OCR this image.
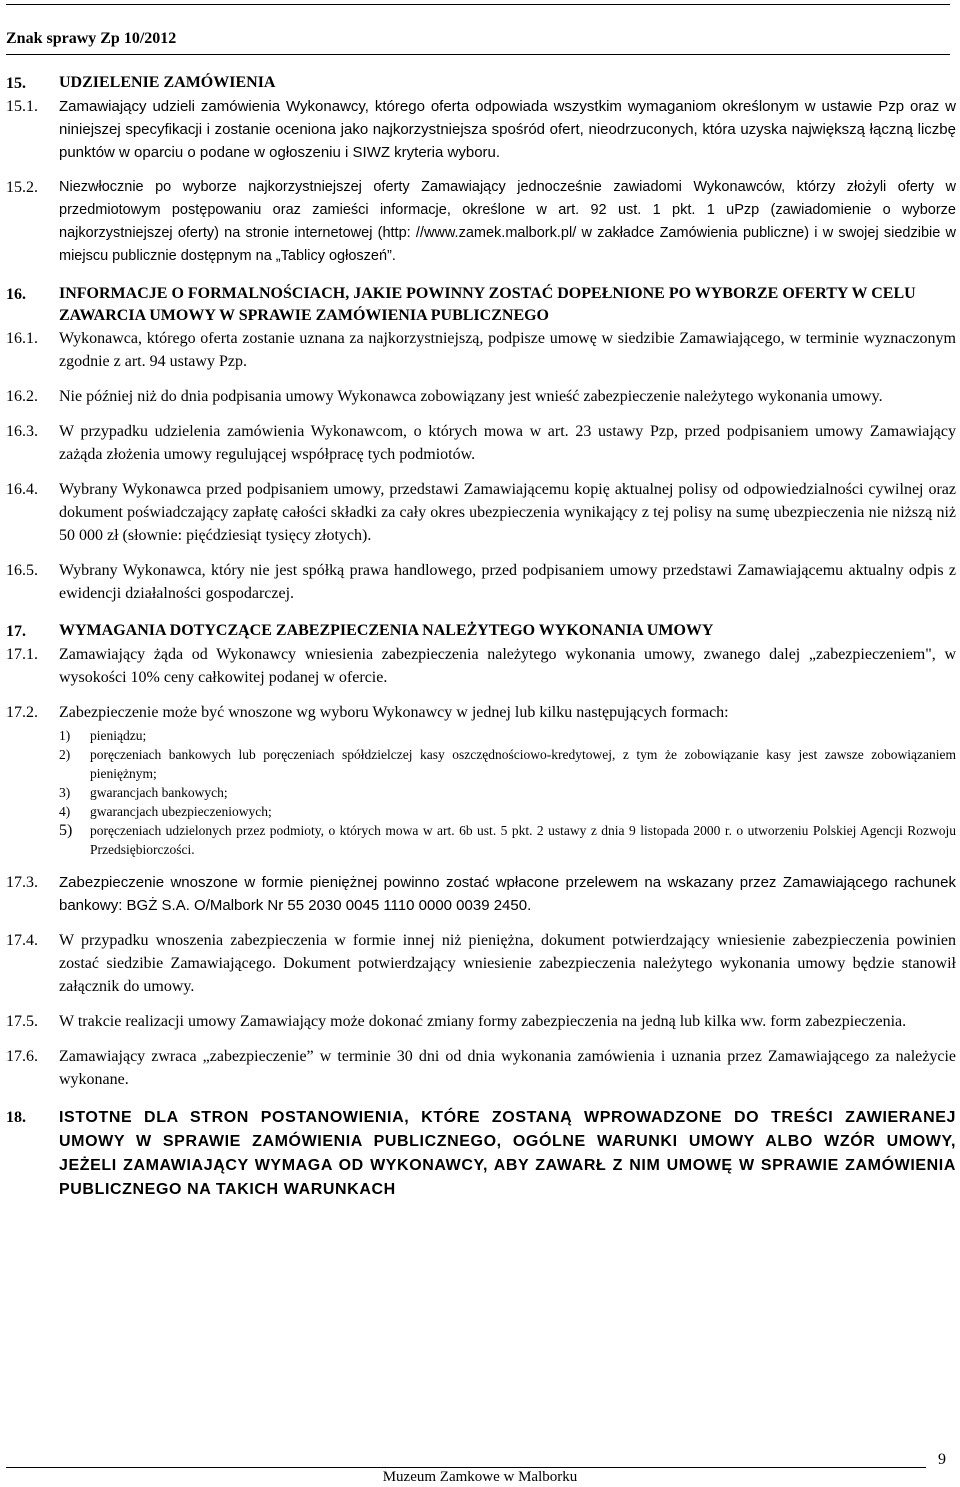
Znak sprawy Zp 10/2012
15.	UDZIELENIE ZAMÓWIENIA
15.1.	Zamawiający udzieli zamówienia Wykonawcy, którego oferta odpowiada wszystkim wymaganiom określonym w ustawie Pzp oraz w niniejszej specyfikacji i zostanie oceniona jako najkorzystniejsza spośród ofert, nieodrzuconych, która uzyska największą łączną liczbę punktów w oparciu o podane w ogłoszeniu i SIWZ kryteria wyboru.
15.2.	Niezwłocznie po wyborze najkorzystniejszej oferty Zamawiający jednocześnie zawiadomi Wykonawców, którzy złożyli oferty w przedmiotowym postępowaniu oraz zamieści informacje, określone w art. 92 ust. 1 pkt. 1 uPzp (zawiadomienie o wyborze najkorzystniejszej oferty) na stronie internetowej (http: //www.zamek.malbork.pl/ w zakładce Zamówienia publiczne) i w swojej siedzibie w miejscu publicznie dostępnym na „Tablicy ogłoszeń”.
16.	INFORMACJE O FORMALNOŚCIACH, JAKIE POWINNY ZOSTAĆ DOPEŁNIONE PO WYBORZE OFERTY W CELU ZAWARCIA UMOWY W SPRAWIE ZAMÓWIENIA PUBLICZNEGO
16.1.	Wykonawca, którego oferta zostanie uznana za najkorzystniejszą, podpisze umowę w siedzibie Zamawiającego, w terminie wyznaczonym zgodnie z art. 94 ustawy Pzp.
16.2.	Nie później niż do dnia podpisania umowy Wykonawca zobowiązany jest wnieść zabezpieczenie należytego wykonania umowy.
16.3.	W przypadku udzielenia zamówienia Wykonawcom, o których mowa w art. 23 ustawy Pzp, przed podpisaniem umowy Zamawiający zażąda złożenia umowy regulującej współpracę tych podmiotów.
16.4.	Wybrany Wykonawca przed podpisaniem umowy, przedstawi Zamawiającemu kopię aktualnej polisy od odpowiedzialności cywilnej oraz dokument poświadczający zapłatę całości składki za cały okres ubezpieczenia wynikający z tej polisy na sumę ubezpieczenia nie niższą niż 50 000 zł (słownie: pięćdziesiąt tysięcy złotych).
16.5.	Wybrany Wykonawca, który nie jest spółką prawa handlowego, przed podpisaniem umowy przedstawi Zamawiającemu aktualny odpis z ewidencji działalności gospodarczej.
17.	WYMAGANIA DOTYCZĄCE ZABEZPIECZENIA NALEŻYTEGO WYKONANIA UMOWY
17.1.	Zamawiający żąda od Wykonawcy wniesienia zabezpieczenia należytego wykonania umowy, zwanego dalej „zabezpieczeniem", w wysokości 10% ceny całkowitej podanej w ofercie.
17.2.	Zabezpieczenie może być wnoszone wg wyboru Wykonawcy w jednej lub kilku następujących formach:
1)	pieniądzu;
2)	poręczeniach bankowych lub poręczeniach spółdzielczej kasy oszczędnościowo-kredytowej, z tym że zobowiązanie kasy jest zawsze zobowiązaniem pieniężnym;
3)	gwarancjach bankowych;
4)	gwarancjach ubezpieczeniowych;
5)	poręczeniach udzielonych przez podmioty, o których mowa w art. 6b ust. 5 pkt. 2 ustawy z dnia 9 listopada 2000 r. o utworzeniu Polskiej Agencji Rozwoju Przedsiębiorczości.
17.3.	Zabezpieczenie wnoszone w formie pieniężnej powinno zostać wpłacone przelewem na wskazany przez Zamawiającego rachunek bankowy: BGŻ S.A. O/Malbork Nr 55 2030 0045 1110 0000 0039 2450.
17.4.	W przypadku wnoszenia zabezpieczenia w formie innej niż pieniężna, dokument potwierdzający wniesienie zabezpieczenia powinien zostać siedzibie Zamawiającego. Dokument potwierdzający wniesienie zabezpieczenia należytego wykonania umowy będzie stanowił załącznik do umowy.
17.5.	W trakcie realizacji umowy Zamawiający może dokonać zmiany formy zabezpieczenia na jedną lub kilka ww. form zabezpieczenia.
17.6.	Zamawiający zwraca „zabezpieczenie” w terminie 30 dni od dnia wykonania zamówienia i uznania przez Zamawiającego za należycie wykonane.
18.	ISTOTNE DLA STRON POSTANOWIENIA, KTÓRE ZOSTANĄ WPROWADZONE DO TREŚCI ZAWIERANEJ UMOWY W SPRAWIE ZAMÓWIENIA PUBLICZNEGO, OGÓLNE WARUNKI UMOWY ALBO WZÓR UMOWY, JEŻELI ZAMAWIAJĄCY WYMAGA OD WYKONAWCY, ABY ZAWARŁ Z NIM UMOWĘ W SPRAWIE ZAMÓWIENIA PUBLICZNEGO NA TAKICH WARUNKACH
9
Muzeum Zamkowe w Malborku
